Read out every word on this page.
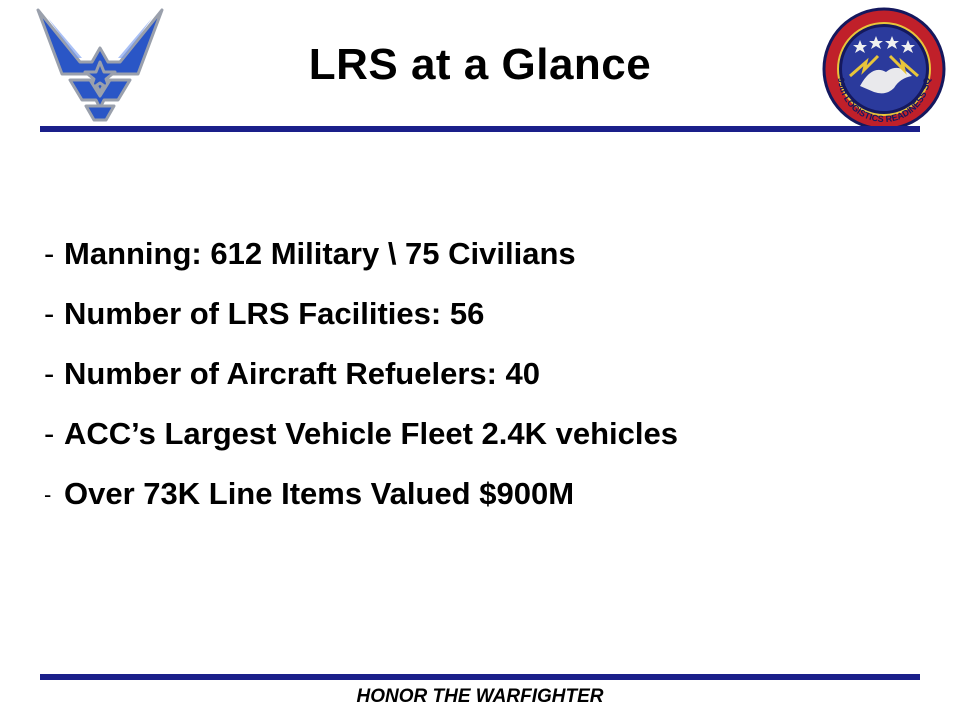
LRS at a Glance	99th LOGISTICS READINESS SQ
- Manning: 612 Military \ 75 Civilians
- Number of LRS Facilities: 56
- Number of Aircraft Refuelers: 40
- ACC’s Largest Vehicle Fleet 2.4K vehicles
- Over 73K Line Items Valued $900M
HONOR THE WARFIGHTER
